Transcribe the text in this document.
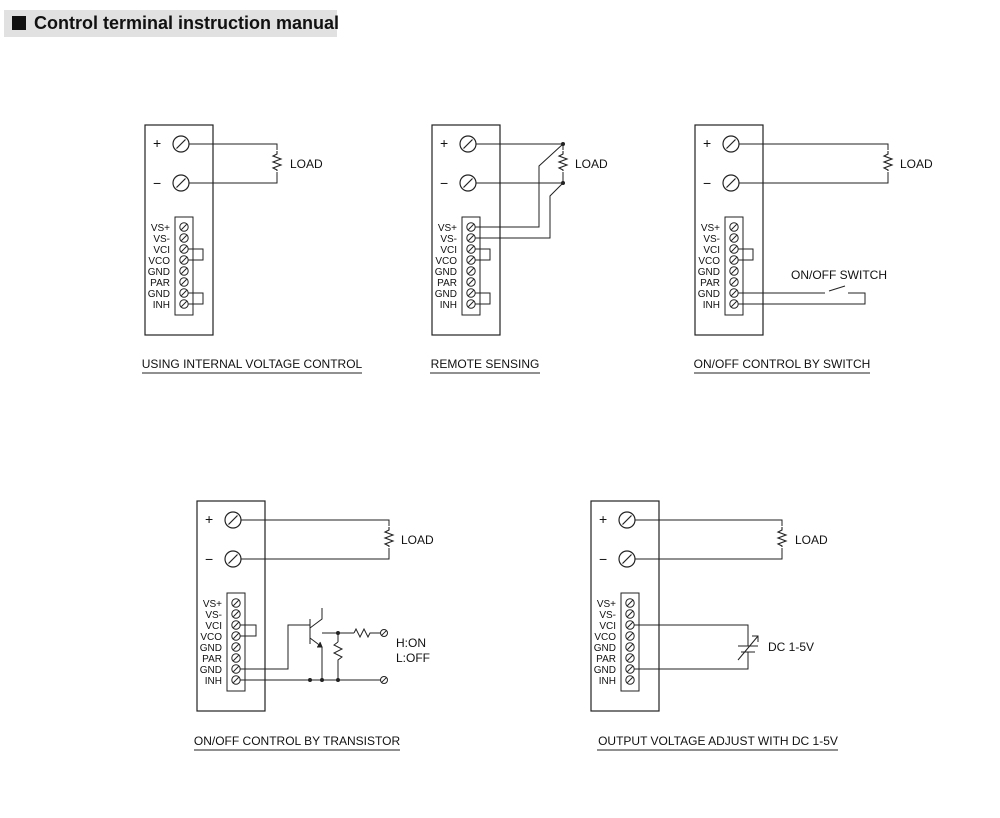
Control terminal instruction manual
+
−
LOAD
VS+
VS-
VCI
VCO
GND
PAR
GND
INH
USING INTERNAL VOLTAGE CONTROL
+
−
LOAD
VS+
VS-
VCI
VCO
GND
PAR
GND
INH
REMOTE SENSING
+
−
LOAD
ON/OFF SWITCH
VS+
VS-
VCI
VCO
GND
PAR
GND
INH
ON/OFF CONTROL BY SWITCH
+
−
LOAD
H:ON
L:OFF
VS+
VS-
VCI
VCO
GND
PAR
GND
INH
ON/OFF CONTROL BY TRANSISTOR
+
−
LOAD
DC 1-5V
VS+
VS-
VCI
VCO
GND
PAR
GND
INH
OUTPUT VOLTAGE ADJUST WITH DC 1-5V
